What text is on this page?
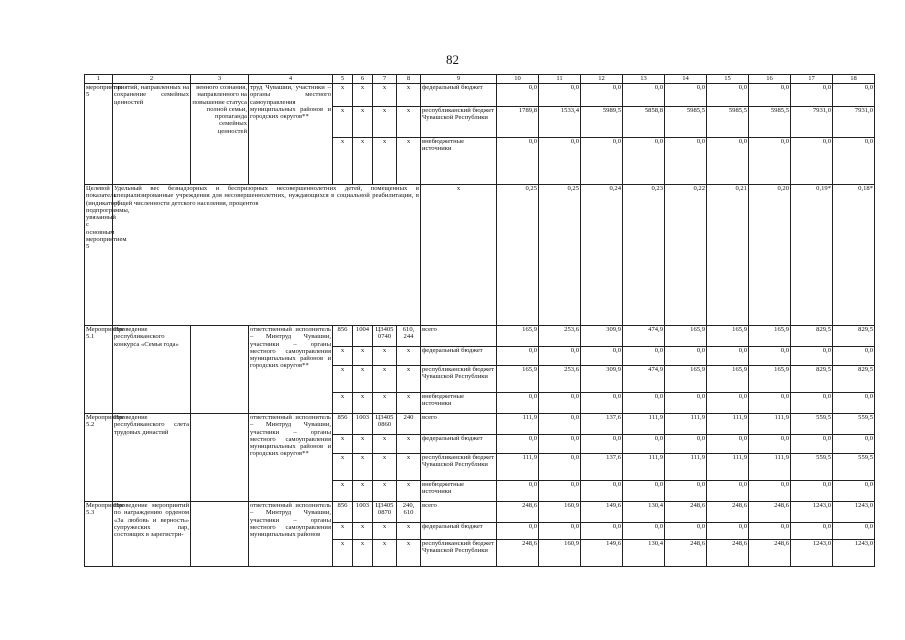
82
1	2	3	4	5	6	7	8	9	10	11	12	13	14	15	16	17	18
мероприятие 5	приятий, направленных на сохранение семейных ценностей	венного сознания, направленного на повышение статуса полной семьи, пропаганда семейных ценностей	труд Чувашии, участники – органы местного самоуправления муниципальных районов и городских округов**	х	х	х	х	федеральный бюджет	0,0	0,0	0,0	0,0	0,0	0,0	0,0	0,0	0,0
				х	х	х	х	республиканский бюджет Чувашской Республики	1789,8	1533,4	5989,5	5858,8	5985,5	5985,5	5985,5	7931,0	7931,0
				х	х	х	х	внебюджетные источники	0,0	0,0	0,0	0,0	0,0	0,0	0,0	0,0	0,0
Целевой показатель (индикатор) подпрограммы, увязанный с основным мероприятием 5	Удельный вес безнадзорных и беспризорных несовершеннолетних детей, помещенных в специализированные учреждения для несовершеннолетних, нуждающихся в социальной реабилитации, в общей численности детского населения, процентов							х	0,25	0,25	0,24	0,23	0,22	0,21	0,20	0,19*	0,18*
Мероприятие 5.1	Проведение республиканского конкурса «Семья года»		ответственный исполнитель – Минтруд Чувашии, участники – органы местного самоуправления муниципальных районов и городских округов**	856	1004	Ц3405 0740	610, 244	всего	165,9	253,6	309,9	474,9	165,9	165,9	165,9	829,5	829,5
				х	х	х	х	федеральный бюджет	0,0	0,0	0,0	0,0	0,0	0,0	0,0	0,0	0,0
				х	х	х	х	республиканский бюджет Чувашской Республики	165,9	253,6	309,9	474,9	165,9	165,9	165,9	829,5	829,5
				х	х	х	х	внебюджетные источники	0,0	0,0	0,0	0,0	0,0	0,0	0,0	0,0	0,0
Мероприятие 5.2	Проведение республиканского слета трудовых династий		ответственный исполнитель – Минтруд Чувашии, участники – органы местного самоуправления муниципальных районов и городских округов**	856	1003	Ц3405 0860	240	всего	111,9	0,0	137,6	111,9	111,9	111,9	111,9	559,5	559,5
				х	х	х	х	федеральный бюджет	0,0	0,0	0,0	0,0	0,0	0,0	0,0	0,0	0,0
				х	х	х	х	республиканский бюджет Чувашской Республики	111,9	0,0	137,6	111,9	111,9	111,9	111,9	559,5	559,5
				х	х	х	х	внебюджетные источники	0,0	0,0	0,0	0,0	0,0	0,0	0,0	0,0	0,0
Мероприятие 5.3	Проведение мероприятий по награждению орденом «За любовь и верность» супружеских пар, состоящих в зарегистри-		ответственный исполнитель – Минтруд Чувашии, участники – органы местного самоуправления муниципальных районов	856	1003	Ц3405 0870	240, 610	всего	248,6	160,9	149,6	130,4	248,6	248,6	248,6	1243,0	1243,0
				х	х	х	х	федеральный бюджет	0,0	0,0	0,0	0,0	0,0	0,0	0,0	0,0	0,0
				х	х	х	х	республиканский бюджет Чувашской Республики	248,6	160,9	149,6	130,4	248,6	248,6	248,6	1243,0	1243,0
